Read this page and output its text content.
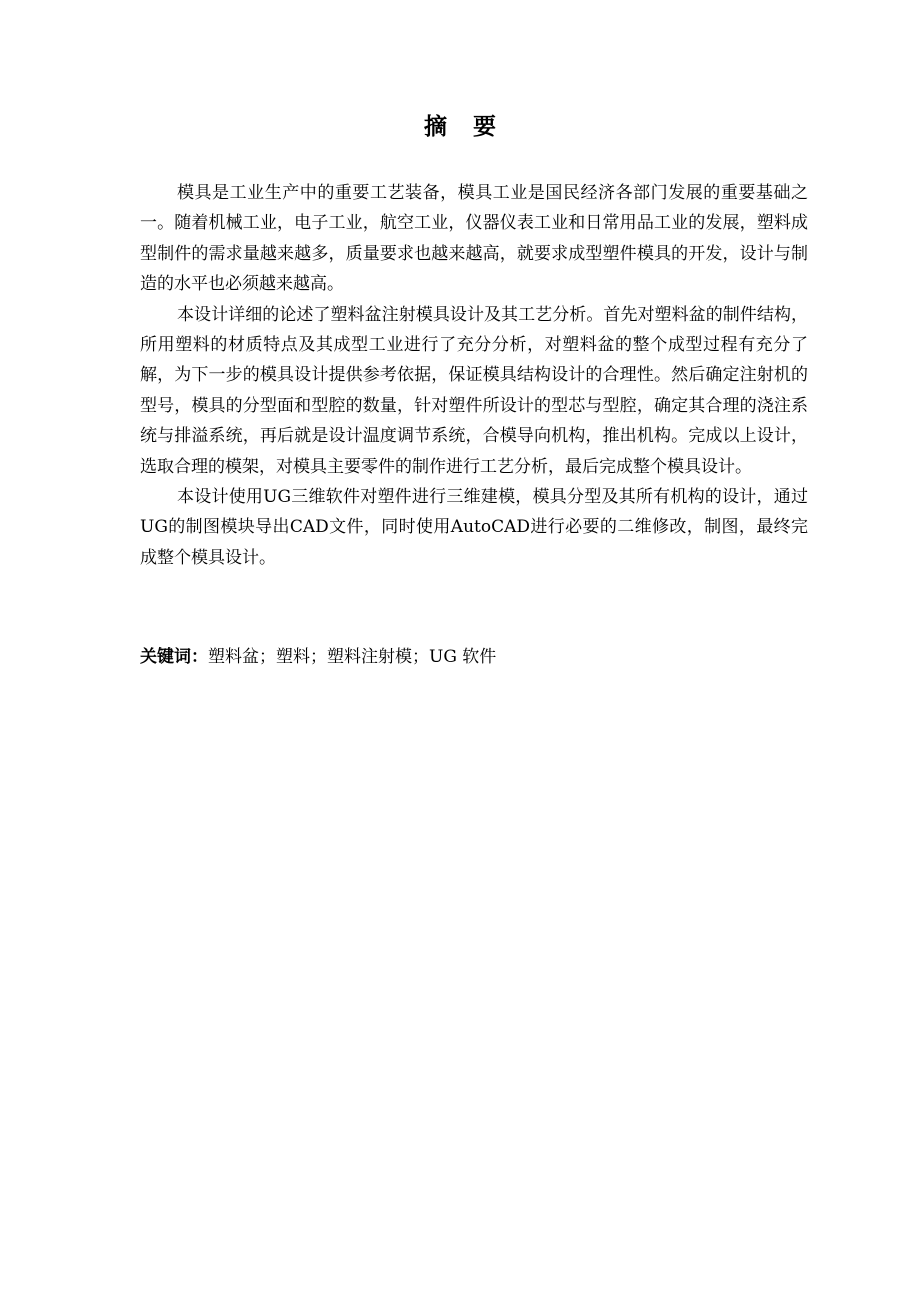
摘要

模具是工业生产中的重要工艺装备，模具工业是国民经济各部门发展的重要基础之一。随着机械工业，电子工业，航空工业，仪器仪表工业和日常用品工业的发展，塑料成型制件的需求量越来越多，质量要求也越来越高，就要求成型塑件模具的开发，设计与制造的水平也必须越来越高。

本设计详细的论述了塑料盆注射模具设计及其工艺分析。首先对塑料盆的制件结构，所用塑料的材质特点及其成型工业进行了充分分析，对塑料盆的整个成型过程有充分了解，为下一步的模具设计提供参考依据，保证模具结构设计的合理性。然后确定注射机的型号，模具的分型面和型腔的数量，针对塑件所设计的型芯与型腔，确定其合理的浇注系统与排溢系统，再后就是设计温度调节系统，合模导向机构，推出机构。完成以上设计，选取合理的模架，对模具主要零件的制作进行工艺分析，最后完成整个模具设计。

本设计使用UG三维软件对塑件进行三维建模，模具分型及其所有机构的设计，通过UG的制图模块导出CAD文件，同时使用AutoCAD进行必要的二维修改，制图，最终完成整个模具设计。

关键词：塑料盆；塑料；塑料注射模；UG 软件
